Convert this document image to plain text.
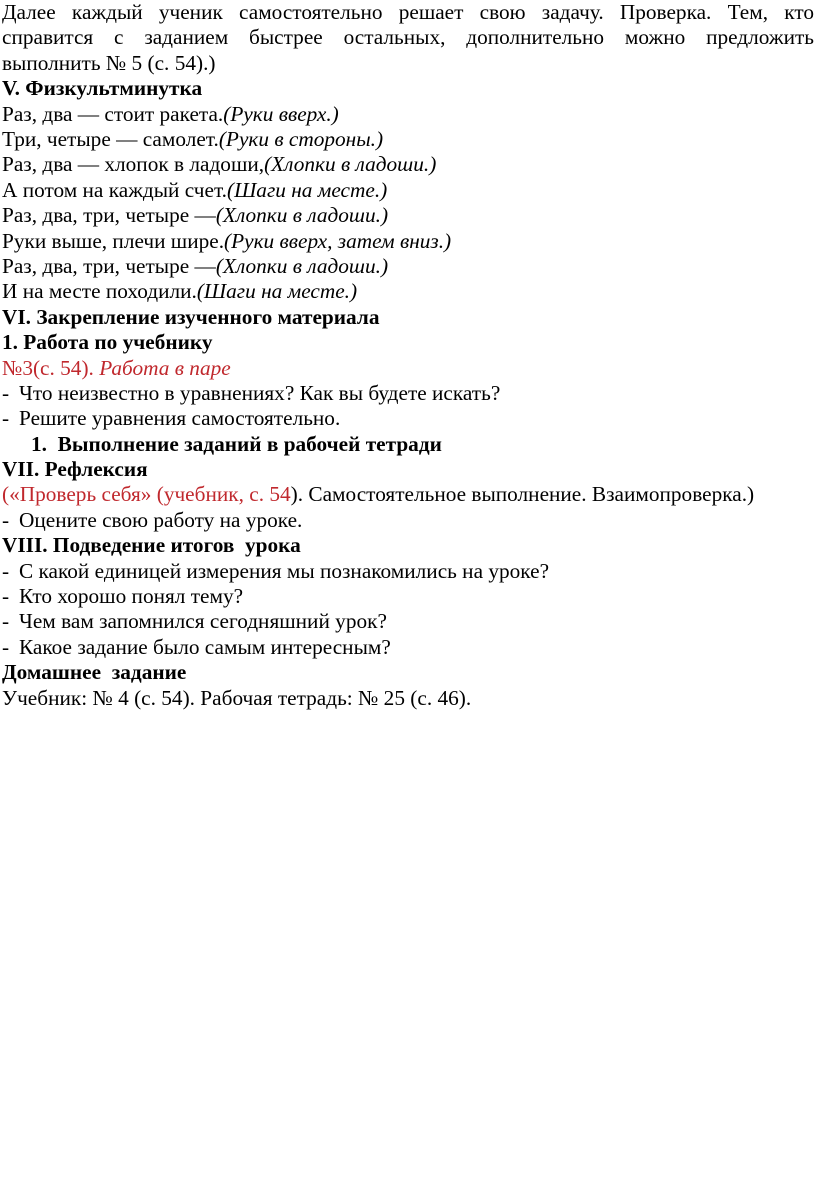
Далее каждый ученик самостоятельно решает свою задачу. Проверка. Тем, кто
справится с заданием быстрее остальных, дополнительно можно предложить
выполнить № 5 (с. 54).)
V. Физкультминутка
Раз, два — стоит ракета.(Руки вверх.)
Три, четыре — самолет.(Руки в стороны.)
Раз, два — хлопок в ладоши,(Хлопки в ладоши.)
А потом на каждый счет.(Шаги на месте.)
Раз, два, три, четыре —(Хлопки в ладоши.)
Руки выше, плечи шире.(Руки вверх, затем вниз.)
Раз, два, три, четыре —(Хлопки в ладоши.)
И на месте походили.(Шаги на месте.)
VI. Закрепление изученного материала
1. Работа по учебнику
№3(с. 54). Работа в паре
- Что неизвестно в уравнениях? Как вы будете искать?
- Решите уравнения самостоятельно.
1. Выполнение заданий в рабочей тетради
VII. Рефлексия
(«Проверь себя» (учебник, с. 54). Самостоятельное выполнение. Взаимопроверка.)
- Оцените свою работу на уроке.
VIII. Подведение итогов  урока
- С какой единицей измерения мы познакомились на уроке?
- Кто хорошо понял тему?
- Чем вам запомнился сегодняшний урок?
- Какое задание было самым интересным?
Домашнее  задание
Учебник: № 4 (с. 54). Рабочая тетрадь: № 25 (с. 46).
